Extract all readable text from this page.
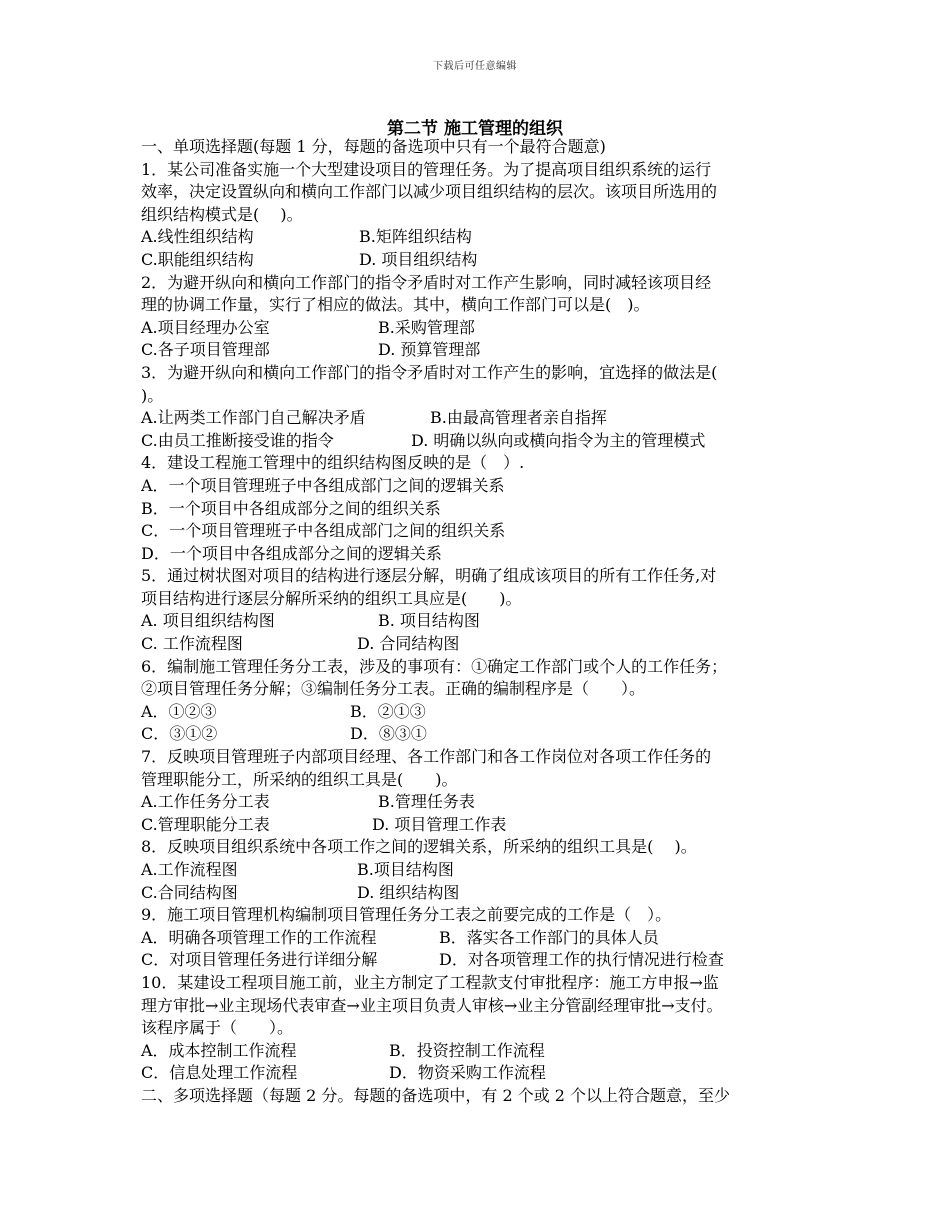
下载后可任意编辑
第二节 施工管理的组织
一、单项选择题(每题 1 分，每题的备选项中只有一个最符合题意)
1．某公司准备实施一个大型建设项目的管理任务。为了提高项目组织系统的运行
效率，决定设置纵向和横向工作部门以减少项目组织结构的层次。该项目所选用的
组织结构模式是(　 )。
A.线性组织结构	B.矩阵组织结构
C.职能组织结构	D. 项目组织结构
2．为避开纵向和横向工作部门的指令矛盾时对工作产生影响，同时减轻该项目经
理的协调工作量，实行了相应的做法。其中，横向工作部门可以是(　)。
A.项目经理办公室	B.采购管理部
C.各子项目管理部	D. 预算管理部
3．为避开纵向和横向工作部门的指令矛盾时对工作产生的影响，宜选择的做法是(
)。
A.让两类工作部门自己解决矛盾	B.由最高管理者亲自指挥
C.由员工推断接受谁的指令	D. 明确以纵向或横向指令为主的管理模式
4．建设工程施工管理中的组织结构图反映的是（　）.
A．一个项目管理班子中各组成部门之间的逻辑关系
B．一个项目中各组成部分之间的组织关系
C．一个项目管理班子中各组成部门之间的组织关系
D．一个项目中各组成部分之间的逻辑关系
5．通过树状图对项目的结构进行逐层分解，明确了组成该项目的所有工作任务,对
项目结构进行逐层分解所采纳的组织工具应是(　　)。
A. 项目组织结构图	B. 项目结构图
C. 工作流程图	D. 合同结构图
6．编制施工管理任务分工表，涉及的事项有：①确定工作部门或个人的工作任务；
②项目管理任务分解；③编制任务分工表。正确的编制程序是（　　）。
A．①②③	B．②①③
C．③①②	D．⑧③①
7．反映项目管理班子内部项目经理、各工作部门和各工作岗位对各项工作任务的
管理职能分工，所采纳的组织工具是(　　)。
A.工作任务分工表	B.管理任务表
C.管理职能分工表	D. 项目管理工作表
8．反映项目组织系统中各项工作之间的逻辑关系，所采纳的组织工具是(　 )。
A.工作流程图	B.项目结构图
C.合同结构图	D. 组织结构图
9．施工项目管理机构编制项目管理任务分工表之前要完成的工作是（　）。
A．明确各项管理工作的工作流程	B．落实各工作部门的具体人员
C．对项目管理任务进行详细分解	D．对各项管理工作的执行情况进行检查
10．某建设工程项目施工前，业主方制定了工程款支付审批程序：施工方申报→监
理方审批→业主现场代表审查→业主项目负责人审核→业主分管副经理审批→支付。
该程序属于（　　）。
A．成本控制工作流程	B．投资控制工作流程
C．信息处理工作流程	D．物资采购工作流程
二、多项选择题（每题 2 分。每题的备选项中，有 2 个或 2 个以上符合题意，至少
